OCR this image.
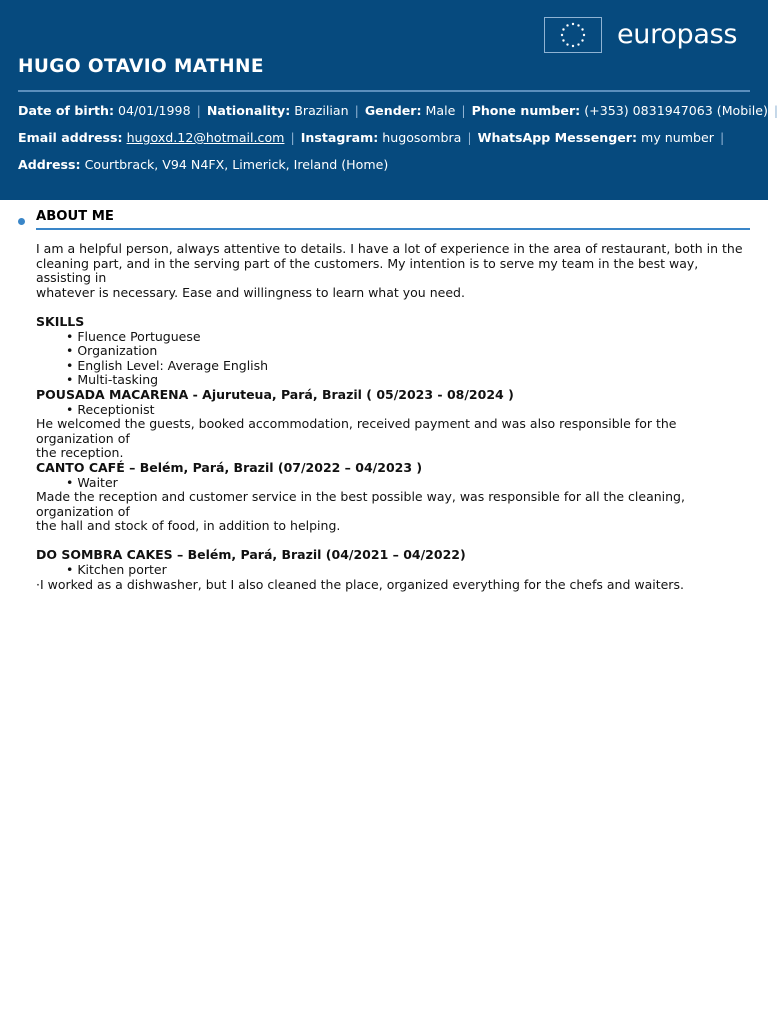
europass
HUGO OTAVIO MATHNE
Date of birth: 04/01/1998 | Nationality: Brazilian | Gender: Male | Phone number: (+353) 0831947063 (Mobile) |
Email address: hugoxd.12@hotmail.com | Instagram: hugosombra | WhatsApp Messenger: my number |
Address: Courtbrack, V94 N4FX, Limerick, Ireland (Home)
ABOUT ME

I am a helpful person, always attentive to details. I have a lot of experience in the area of restaurant, both in the

cleaning part, and in the serving part of the customers. My intention is to serve my team in the best way, assisting in

whatever is necessary. Ease and willingness to learn what you need.

SKILLS

• Fluence Portuguese

• Organization

• English Level: Average English

• Multi-tasking

POUSADA MACARENA - Ajuruteua, Pará, Brazil ( 05/2023 - 08/2024 )

• Receptionist

He welcomed the guests, booked accommodation, received payment and was also responsible for the organization of

the reception.

CANTO CAFÉ – Belém, Pará, Brazil (07/2022 – 04/2023 )

• Waiter

Made the reception and customer service in the best possible way, was responsible for all the cleaning, organization of

the hall and stock of food, in addition to helping.

DO SOMBRA CAKES – Belém, Pará, Brazil (04/2021 – 04/2022)

• Kitchen porter

·I worked as a dishwasher, but I also cleaned the place, organized everything for the chefs and waiters.
